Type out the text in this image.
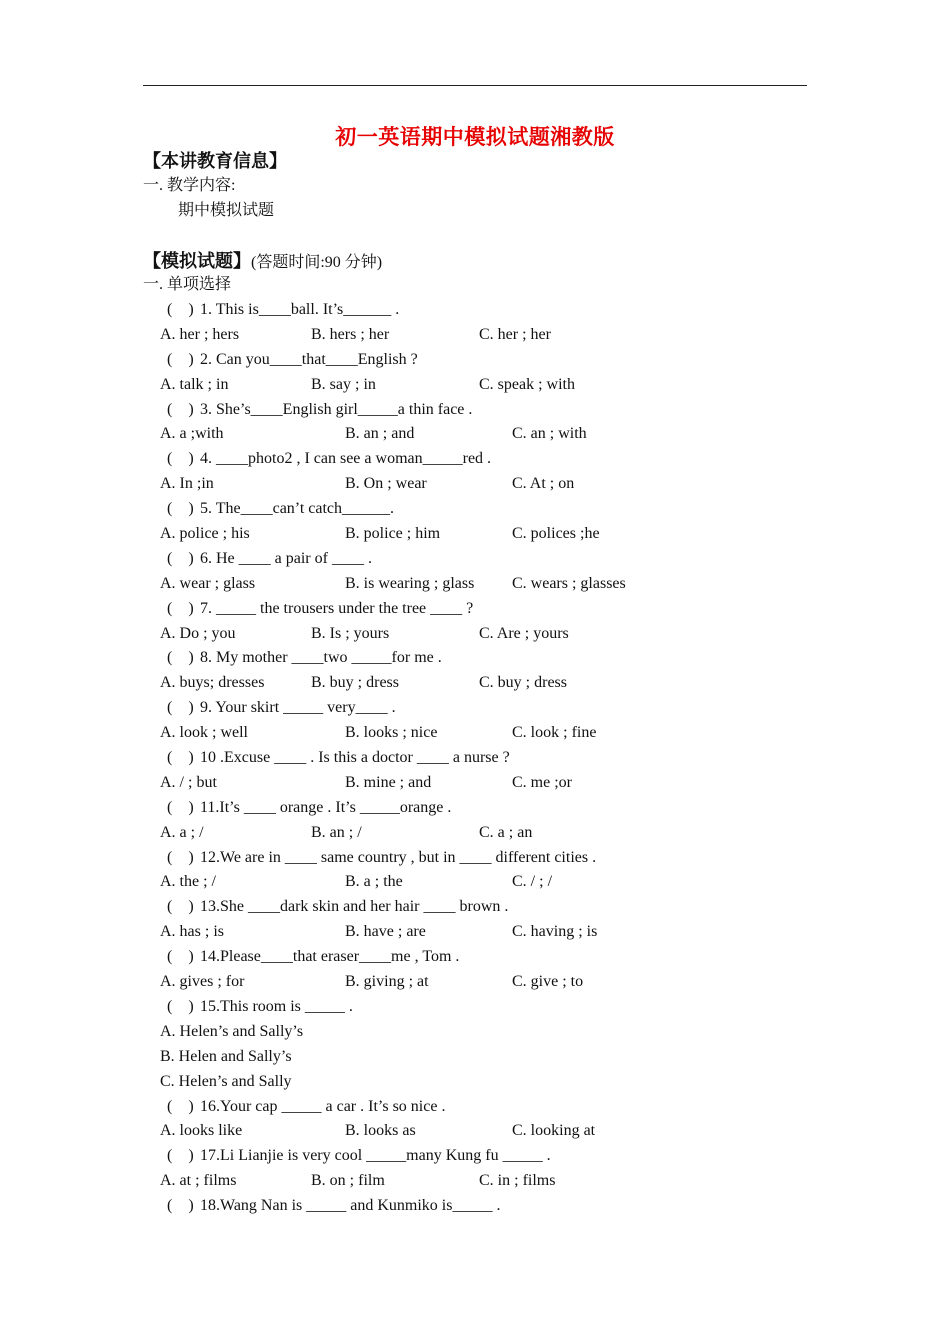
初一英语期中模拟试题湘教版
【本讲教育信息】
一. 教学内容:
期中模拟试题
【模拟试题】(答题时间:90 分钟)
一. 单项选择
(　) 1. This is____ball. It’s______ .
A. her ; hers	B. hers ; her	C. her ; her
(　) 2. Can you____that____English ?
A. talk ; in	B. say ; in	C. speak ; with
(　) 3. She’s____English girl_____a thin face .
A. a ;with	B. an ; and	C. an ; with
(　) 4. ____photo2 , I can see a woman_____red .
A. In ;in	B. On ; wear	C. At ; on
(　) 5. The____can’t catch______.
A. police ; his	B. police ; him	C. polices ;he
(　) 6. He ____ a pair of ____ .
A. wear ; glass	B. is wearing ; glass C. wears ; glasses
(　) 7. _____ the trousers under the tree ____ ?
A. Do ; you	B. Is ; yours	C. Are ; yours
(　) 8. My mother ____two _____for me .
A. buys; dresses	B. buy ; dress	C. buy ; dress
(　) 9. Your skirt _____ very____ .
A. look ; well	B. looks ; nice	C. look ; fine
(　) 10 .Excuse ____ . Is this a doctor ____ a nurse ?
A. / ; but	B. mine ; and	C. me ;or
(　) 11.It’s ____ orange . It’s _____orange .
A. a ; /	B. an ; /	C. a ; an
(　) 12.We are in ____ same country , but in ____ different cities .
A. the ; /	B. a ; the	C. / ; /
(　) 13.She ____dark skin and her hair ____ brown .
A. has ; is	B. have ; are	C. having ; is
(　) 14.Please____that eraser____me , Tom .
A. gives ; for	B. giving ; at	C. give ; to
(　) 15.This room is _____ .
A. Helen’s and Sally’s
B. Helen and Sally’s
C. Helen’s and Sally
(　) 16.Your cap _____ a car . It’s so nice .
A. looks like	B. looks as	C. looking at
(　) 17.Li Lianjie is very cool _____many Kung fu _____ .
A. at ; films	B. on ; film	C. in ; films
(　) 18.Wang Nan is _____ and Kunmiko is_____ .
